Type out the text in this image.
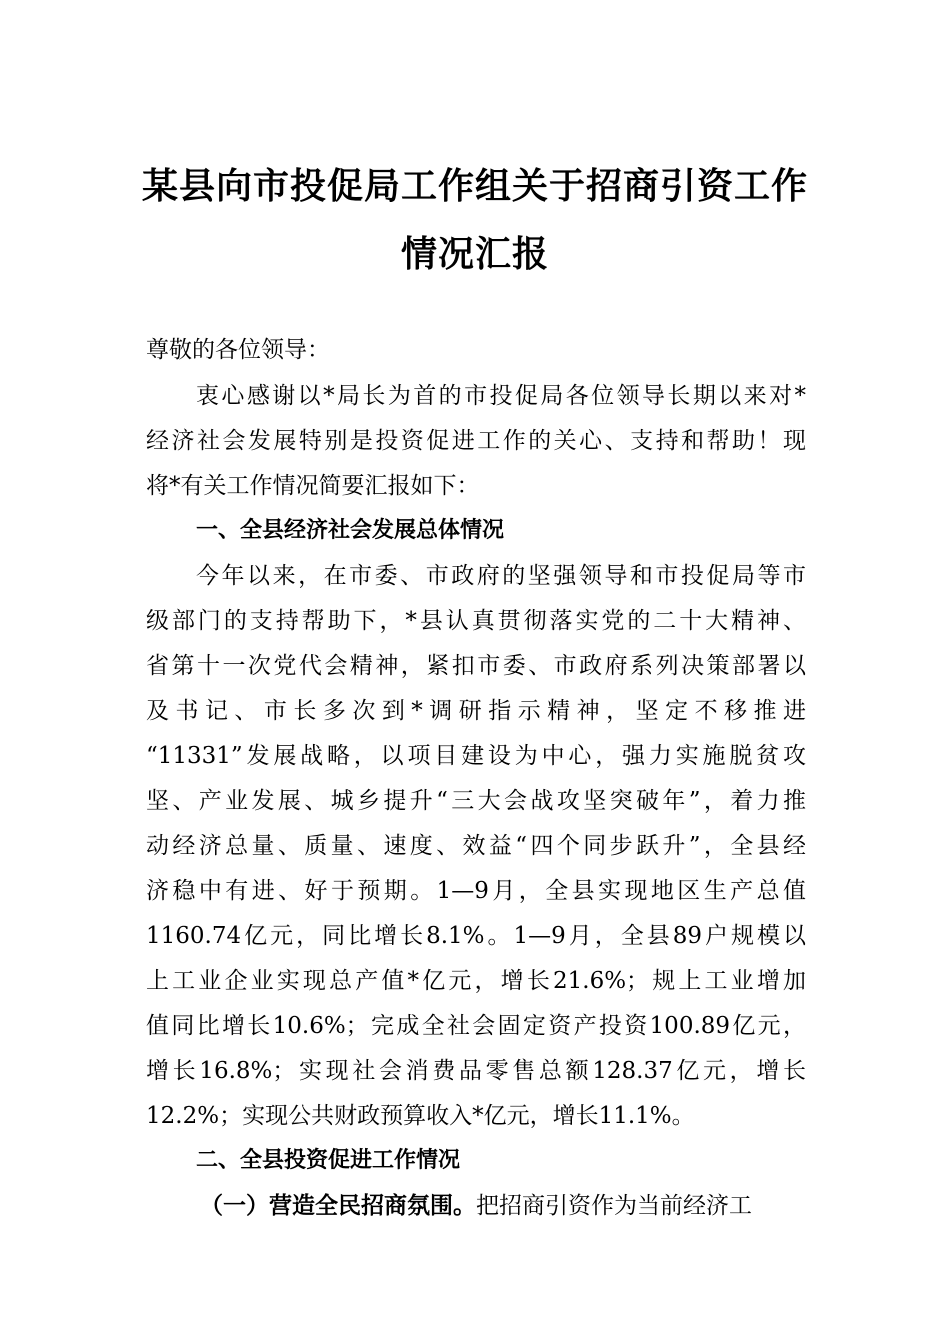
某县向市投促局工作组关于招商引资工作
情况汇报
尊敬的各位领导：
衷心感谢以*局长为首的市投促局各位领导长期以来对*
经济社会发展特别是投资促进工作的关心、支持和帮助！现
将*有关工作情况简要汇报如下：
一、全县经济社会发展总体情况
今年以来，在市委、市政府的坚强领导和市投促局等市
级部门的支持帮助下，*县认真贯彻落实党的二十大精神、
省第十一次党代会精神，紧扣市委、市政府系列决策部署以
及书记、市长多次到*调研指示精神，坚定不移推进
“11331”发展战略，以项目建设为中心，强力实施脱贫攻
坚、产业发展、城乡提升“三大会战攻坚突破年”，着力推
动经济总量、质量、速度、效益“四个同步跃升”，全县经
济稳中有进、好于预期。1—9月，全县实现地区生产总值
1160.74亿元，同比增长8.1%。1—9月，全县89户规模以
上工业企业实现总产值*亿元，增长21.6%；规上工业增加
值同比增长10.6%；完成全社会固定资产投资100.89亿元，
增长16.8%；实现社会消费品零售总额128.37亿元，增长
12.2%；实现公共财政预算收入*亿元，增长11.1%。
二、全县投资促进工作情况
（一）营造全民招商氛围。把招商引资作为当前经济工
